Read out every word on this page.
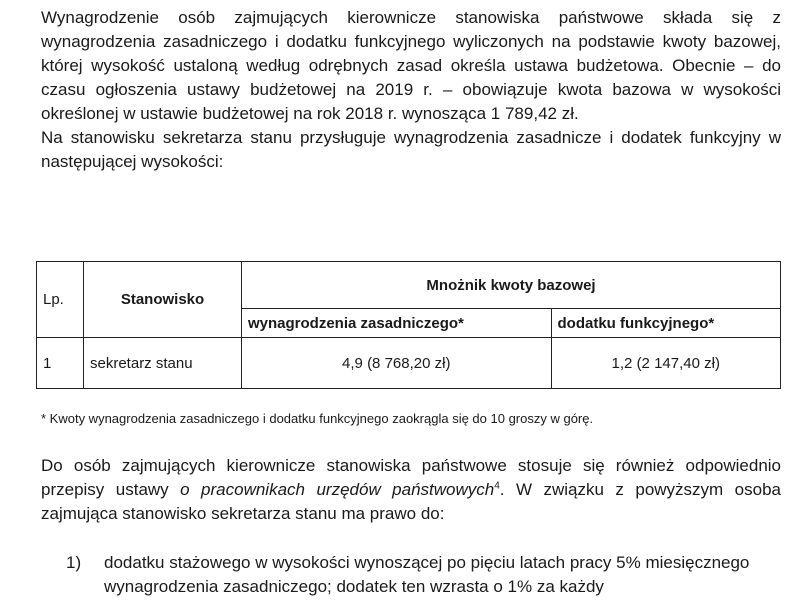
Wynagrodzenie osób zajmujących kierownicze stanowiska państwowe składa się z wynagrodzenia zasadniczego i dodatku funkcyjnego wyliczonych na podstawie kwoty bazowej, której wysokość ustaloną według odrębnych zasad określa ustawa budżetowa. Obecnie – do czasu ogłoszenia ustawy budżetowej na 2019 r. – obowiązuje kwota bazowa w wysokości określonej w ustawie budżetowej na rok 2018 r. wynosząca 1 789,42 zł.

Na stanowisku sekretarza stanu przysługuje wynagrodzenia zasadnicze i dodatek funkcyjny w następującej wysokości:

Lp.	Stanowisko	Mnożnik kwoty bazowej	
		wynagrodzenia zasadniczego*	dodatku funkcyjnego*
1	sekretarz stanu	4,9 (8 768,20 zł)	1,2 (2 147,40 zł)
* Kwoty wynagrodzenia zasadniczego i dodatku funkcyjnego zaokrągla się do 10 groszy w górę.

Do osób zajmujących kierownicze stanowiska państwowe stosuje się również odpowiednio przepisy ustawy o pracownikach urzędów państwowych$^4$. W związku z powyższym osoba zajmująca stanowisko sekretarza stanu ma prawo do:

1) dodatku stażowego w wysokości wynoszącej po pięciu latach pracy 5% miesięcznego wynagrodzenia zasadniczego; dodatek ten wzrasta o 1% za każdy
